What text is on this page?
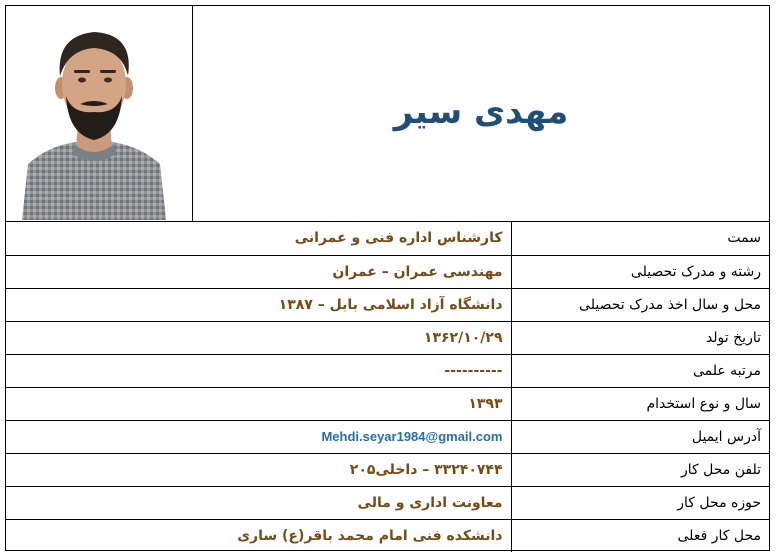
مهدی سیر
سمت	کارشناس اداره فنی و عمرانی
رشته و مدرک تحصیلی	مهندسی عمران – عمران
محل و سال اخذ مدرک تحصیلی	دانشگاه آزاد اسلامی بابل – ۱۳۸۷
تاریخ تولد	۱۳۶۲/۱۰/۲۹
مرتبه علمی	----------
سال و نوع استخدام	۱۳۹۳
آدرس ایمیل	Mehdi.seyar1984@gmail.com
تلفن محل کار	۳۳۲۴۰۷۴۴ – داخلی۲۰۵
حوزه محل کار	معاونت اداری و مالی
محل کار فعلی	دانشکده فنی امام محمد باقر(ع) ساری
